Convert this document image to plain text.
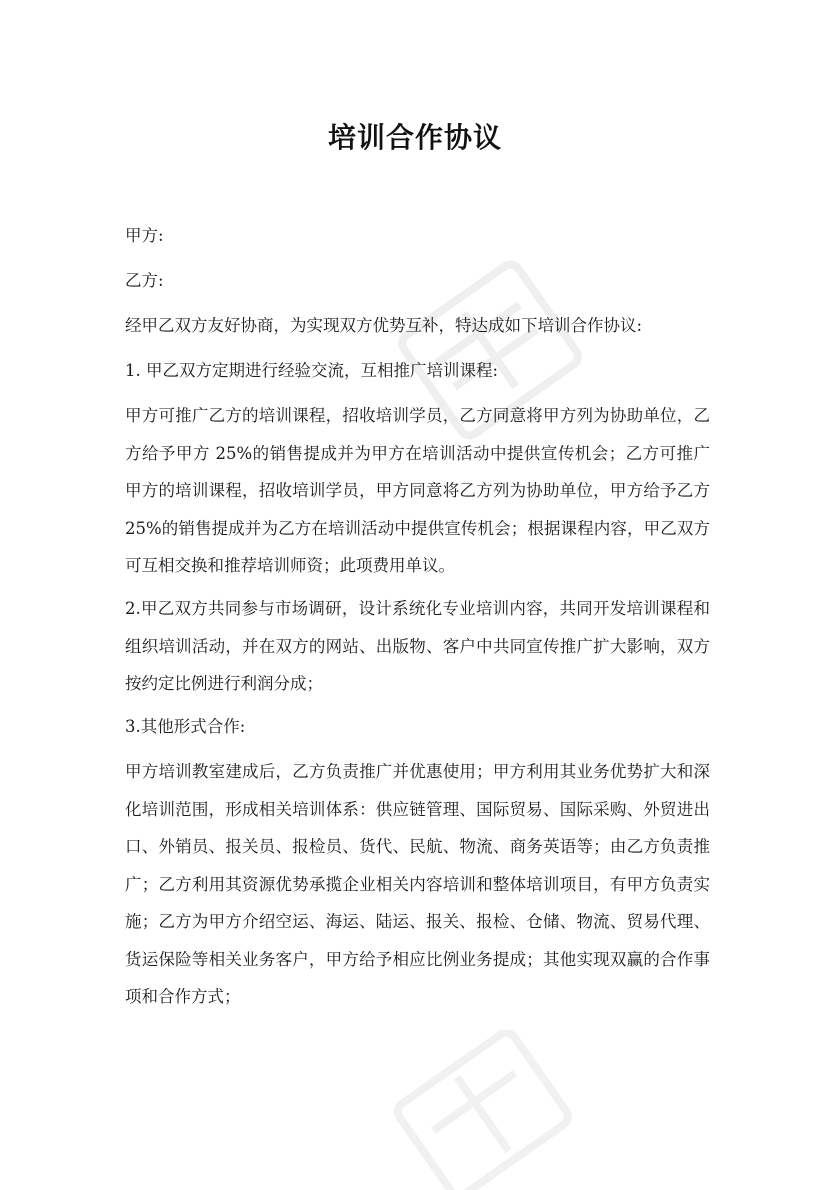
培训合作协议

甲方:

乙方:

经甲乙双方友好协商，为实现双方优势互补，特达成如下培训合作协议:

1. 甲乙双方定期进行经验交流，互相推广培训课程:

甲方可推广乙方的培训课程，招收培训学员，乙方同意将甲方列为协助单位，乙方给予甲方 25%的销售提成并为甲方在培训活动中提供宣传机会；乙方可推广甲方的培训课程，招收培训学员，甲方同意将乙方列为协助单位，甲方给予乙方 25%的销售提成并为乙方在培训活动中提供宣传机会；根据课程内容，甲乙双方可互相交换和推荐培训师资；此项费用单议。

2.甲乙双方共同参与市场调研，设计系统化专业培训内容，共同开发培训课程和组织培训活动，并在双方的网站、出版物、客户中共同宣传推广扩大影响，双方按约定比例进行利润分成；

3.其他形式合作:

甲方培训教室建成后，乙方负责推广并优惠使用；甲方利用其业务优势扩大和深化培训范围，形成相关培训体系：供应链管理、国际贸易、国际采购、外贸进出口、外销员、报关员、报检员、货代、民航、物流、商务英语等；由乙方负责推广；乙方利用其资源优势承揽企业相关内容培训和整体培训项目，有甲方负责实施；乙方为甲方介绍空运、海运、陆运、报关、报检、仓储、物流、贸易代理、货运保险等相关业务客户，甲方给予相应比例业务提成；其他实现双赢的合作事项和合作方式；
